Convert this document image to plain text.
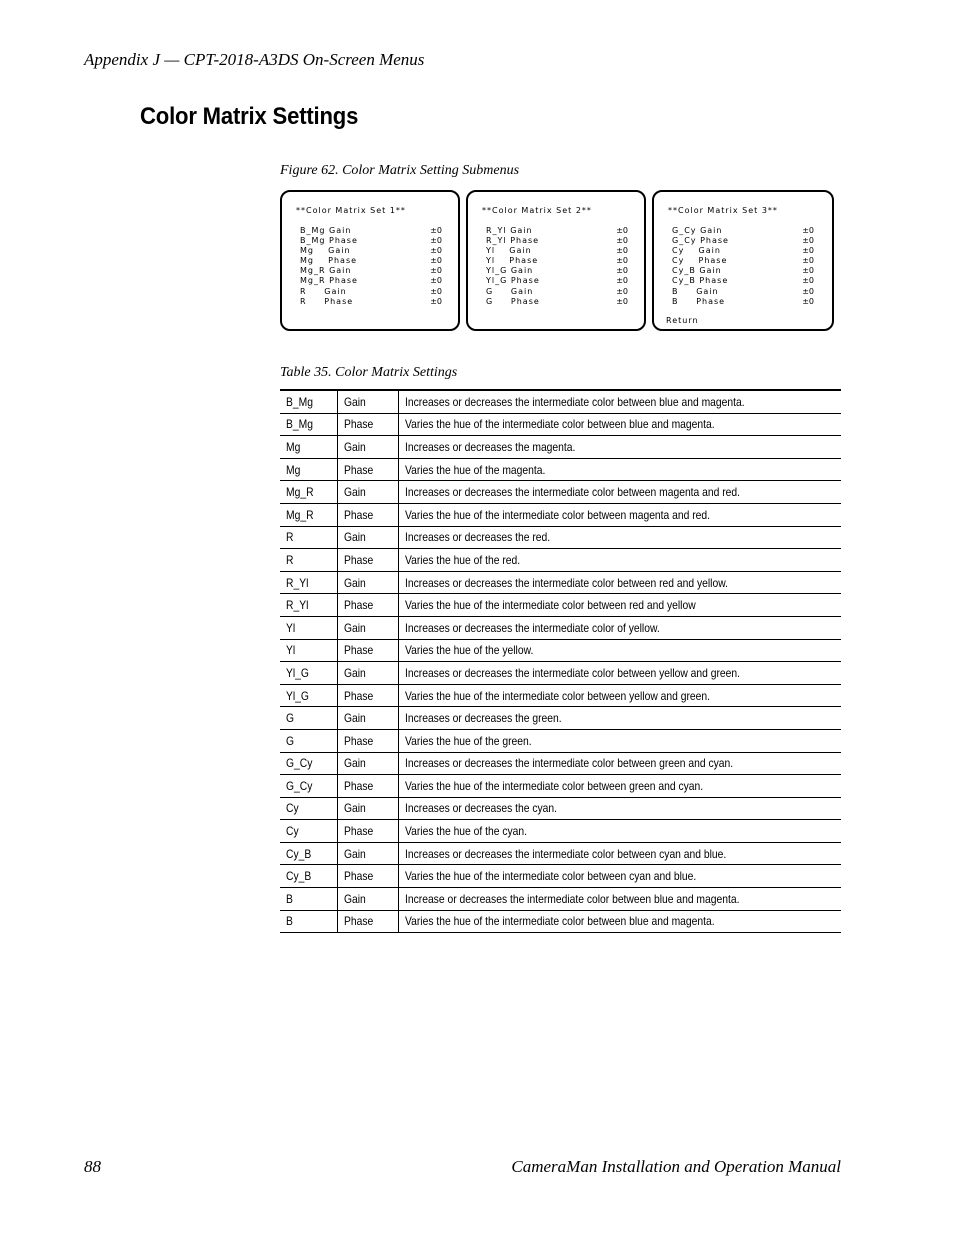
Appendix J — CPT-2018-A3DS On-Screen Menus
Color Matrix Settings
Figure 62. Color Matrix Setting Submenus
**Color Matrix Set 1**
B_Mg Gain	±0
B_Mg Phase	±0
Mg    Gain	±0
Mg    Phase	±0
Mg_R Gain	±0
Mg_R Phase	±0
R     Gain	±0
R     Phase	±0
**Color Matrix Set 2**
R_Yl Gain	±0
R_Yl Phase	±0
Yl    Gain	±0
Yl    Phase	±0
Yl_G Gain	±0
Yl_G Phase	±0
G     Gain	±0
G     Phase	±0
**Color Matrix Set 3**
G_Cy Gain	±0
G_Cy Phase	±0
Cy    Gain	±0
Cy    Phase	±0
Cy_B Gain	±0
Cy_B Phase	±0
B     Gain	±0
B     Phase	±0
Return
Table 35. Color Matrix Settings
B_Mg	Gain	Increases or decreases the intermediate color between blue and magenta.
B_Mg	Phase	Varies the hue of the intermediate color between blue and magenta.
Mg	Gain	Increases or decreases the magenta.
Mg	Phase	Varies the hue of the magenta.
Mg_R	Gain	Increases or decreases the intermediate color between magenta and red.
Mg_R	Phase	Varies the hue of the intermediate color between magenta and red.
R	Gain	Increases or decreases the red.
R	Phase	Varies the hue of the red.
R_Yl	Gain	Increases or decreases the intermediate color between red and yellow.
R_Yl	Phase	Varies the hue of the intermediate color between red and yellow
Yl	Gain	Increases or decreases the intermediate color of yellow.
Yl	Phase	Varies the hue of the yellow.
Yl_G	Gain	Increases or decreases the intermediate color between yellow and green.
Yl_G	Phase	Varies the hue of the intermediate color between yellow and green.
G	Gain	Increases or decreases the green.
G	Phase	Varies the hue of the green.
G_Cy	Gain	Increases or decreases the intermediate color between green and cyan.
G_Cy	Phase	Varies the hue of the intermediate color between green and cyan.
Cy	Gain	Increases or decreases the cyan.
Cy	Phase	Varies the hue of the cyan.
Cy_B	Gain	Increases or decreases the intermediate color between cyan and blue.
Cy_B	Phase	Varies the hue of the intermediate color between cyan and blue.
B	Gain	Increase or decreases the intermediate color between blue and magenta.
B	Phase	Varies the hue of the intermediate color between blue and magenta.
88	CameraMan Installation and Operation Manual
